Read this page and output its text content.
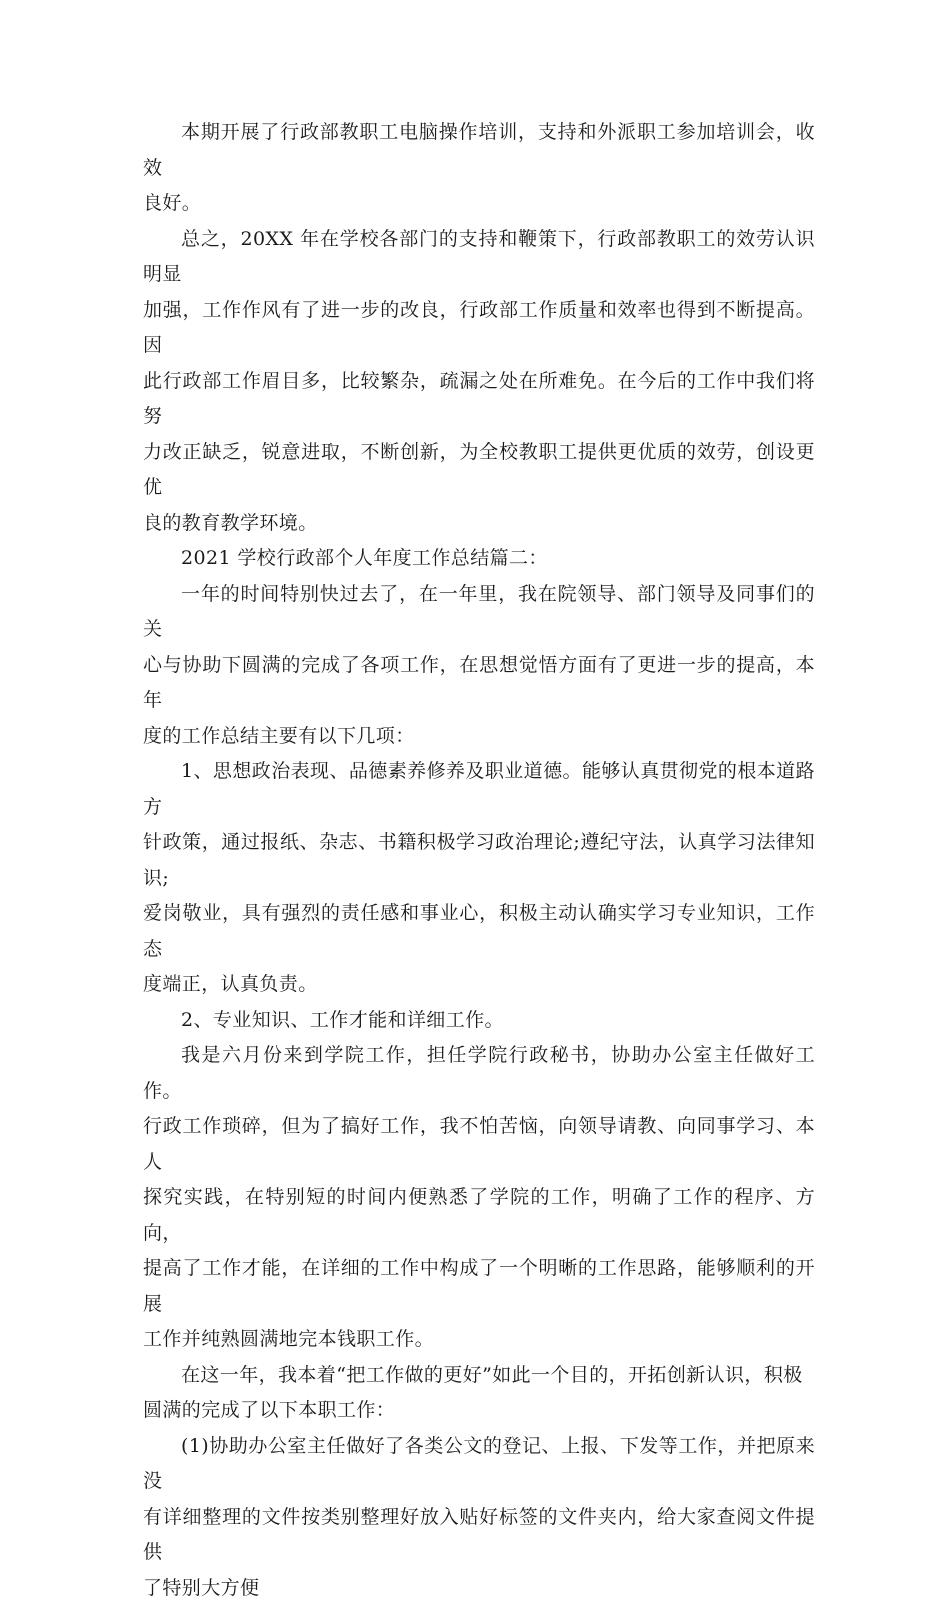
本期开展了行政部教职工电脑操作培训，支持和外派职工参加培训会，收效
良好。

总之，20XX 年在学校各部门的支持和鞭策下，行政部教职工的效劳认识明显
加强，工作作风有了进一步的改良，行政部工作质量和效率也得到不断提高。因
此行政部工作眉目多，比较繁杂，疏漏之处在所难免。在今后的工作中我们将努
力改正缺乏，锐意进取，不断创新，为全校教职工提供更优质的效劳，创设更优
良的教育教学环境。

2021 学校行政部个人年度工作总结篇二：

一年的时间特别快过去了，在一年里，我在院领导、部门领导及同事们的关
心与协助下圆满的完成了各项工作，在思想觉悟方面有了更进一步的提高，本年
度的工作总结主要有以下几项：

1、思想政治表现、品德素养修养及职业道德。能够认真贯彻党的根本道路方
针政策，通过报纸、杂志、书籍积极学习政治理论;遵纪守法，认真学习法律知识;
爱岗敬业，具有强烈的责任感和事业心，积极主动认确实学习专业知识，工作态
度端正，认真负责。

2、专业知识、工作才能和详细工作。

我是六月份来到学院工作，担任学院行政秘书，协助办公室主任做好工作。
行政工作琐碎，但为了搞好工作，我不怕苦恼，向领导请教、向同事学习、本人
探究实践，在特别短的时间内便熟悉了学院的工作，明确了工作的程序、方向，
提高了工作才能，在详细的工作中构成了一个明晰的工作思路，能够顺利的开展
工作并纯熟圆满地完本钱职工作。

在这一年，我本着“把工作做的更好”如此一个目的，开拓创新认识，积极
圆满的完成了以下本职工作：

(1)协助办公室主任做好了各类公文的登记、上报、下发等工作，并把原来没
有详细整理的文件按类别整理好放入贴好标签的文件夹内，给大家查阅文件提供
了特别大方便
